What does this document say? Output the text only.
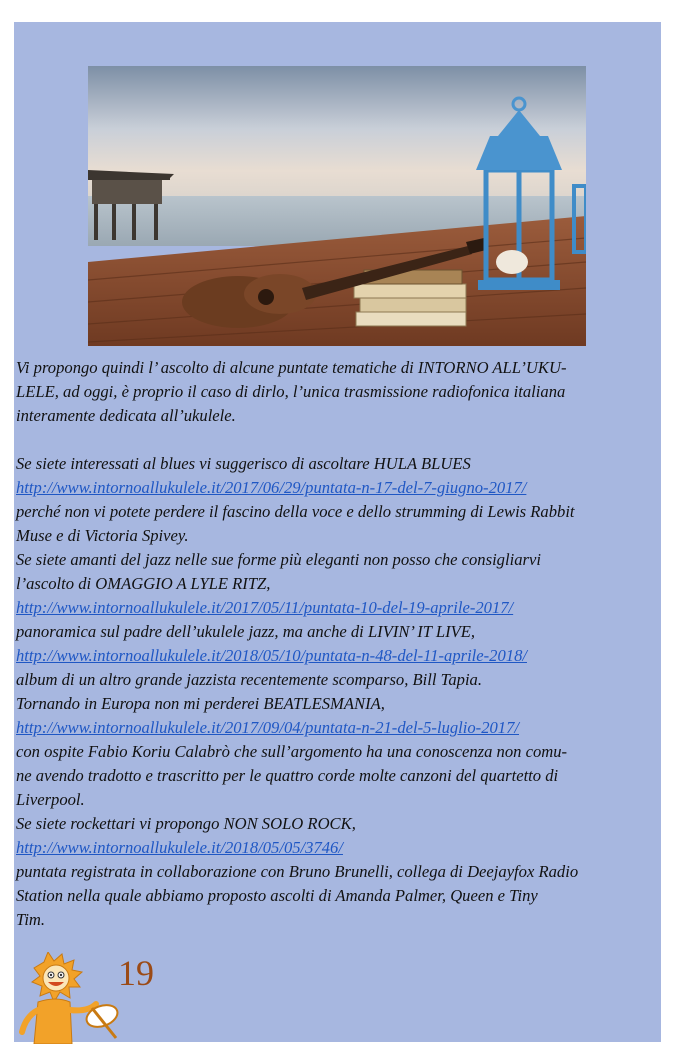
Vi propongo quindi l’ ascolto di alcune puntate tematiche di INTORNO ALL’UKU-

LELE, ad oggi, è proprio il caso di dirlo, l’unica trasmissione radiofonica italiana

interamente dedicata all’ukulele.

Se siete interessati al blues vi suggerisco di ascoltare HULA BLUES

http://www.intornoallukulele.it/2017/06/29/puntata-n-17-del-7-giugno-2017/

perché non vi potete perdere il fascino della voce e dello strumming di Lewis Rabbit

Muse e di Victoria Spivey.

Se siete amanti del jazz nelle sue forme più eleganti non posso che consigliarvi

l’ascolto di OMAGGIO A LYLE RITZ,

http://www.intornoallukulele.it/2017/05/11/puntata-10-del-19-aprile-2017/

panoramica sul padre dell’ukulele jazz, ma anche di LIVIN’ IT LIVE,

http://www.intornoallukulele.it/2018/05/10/puntata-n-48-del-11-aprile-2018/

album di un altro grande jazzista recentemente scomparso, Bill Tapia.

Tornando in Europa non mi perderei BEATLESMANIA,

http://www.intornoallukulele.it/2017/09/04/puntata-n-21-del-5-luglio-2017/

con ospite Fabio Koriu Calabrò che sull’argomento ha una conoscenza non comu-

ne avendo tradotto e trascritto per le quattro corde molte canzoni del quartetto di

Liverpool.

Se siete rockettari vi propongo NON SOLO ROCK,

http://www.intornoallukulele.it/2018/05/05/3746/

puntata registrata in collaborazione con Bruno Brunelli, collega di Deejayfox Radio

Station nella quale abbiamo proposto ascolti di Amanda Palmer, Queen e Tiny

Tim.

19
